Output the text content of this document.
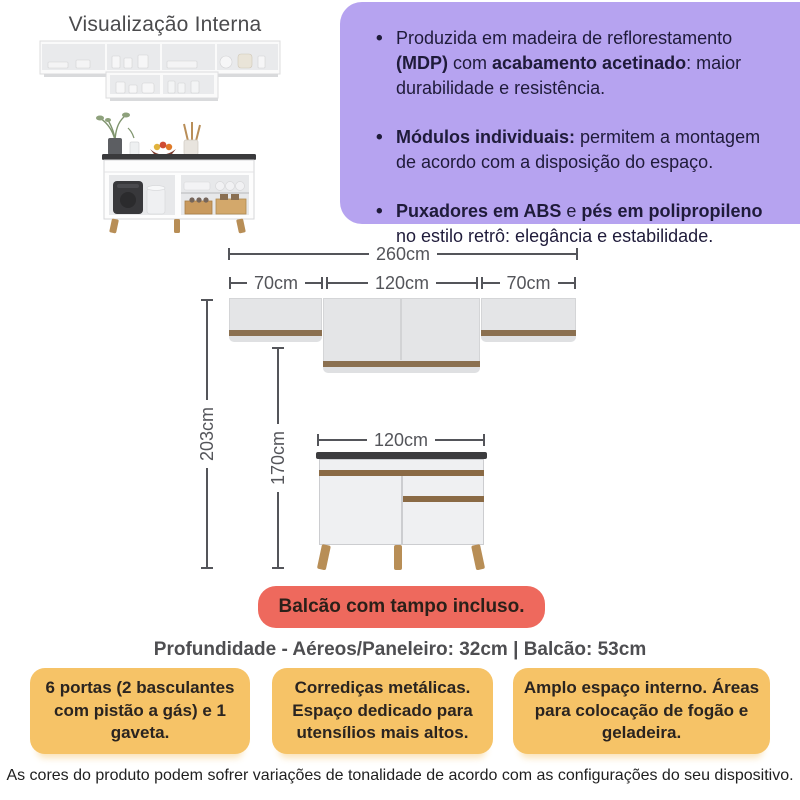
Visualização Interna
• Produzida em madeira de reflorestamento (MDP) com acabamento acetinado: maior durabilidade e resistência.
• Módulos individuais: permitem a montagem de acordo com a disposição do espaço.
• Puxadores em ABS e pés em polipropileno no estilo retrô: elegância e estabilidade.
260cm
70cm	120cm	70cm
203cm	170cm	120cm
Balcão com tampo incluso.
Profundidade - Aéreos/Paneleiro: 32cm | Balcão: 53cm
6 portas (2 basculantes com pistão a gás) e 1 gaveta.
Corrediças metálicas. Espaço dedicado para utensílios mais altos.
Amplo espaço interno. Áreas para colocação de fogão e geladeira.
As cores do produto podem sofrer variações de tonalidade de acordo com as configurações do seu dispositivo.
